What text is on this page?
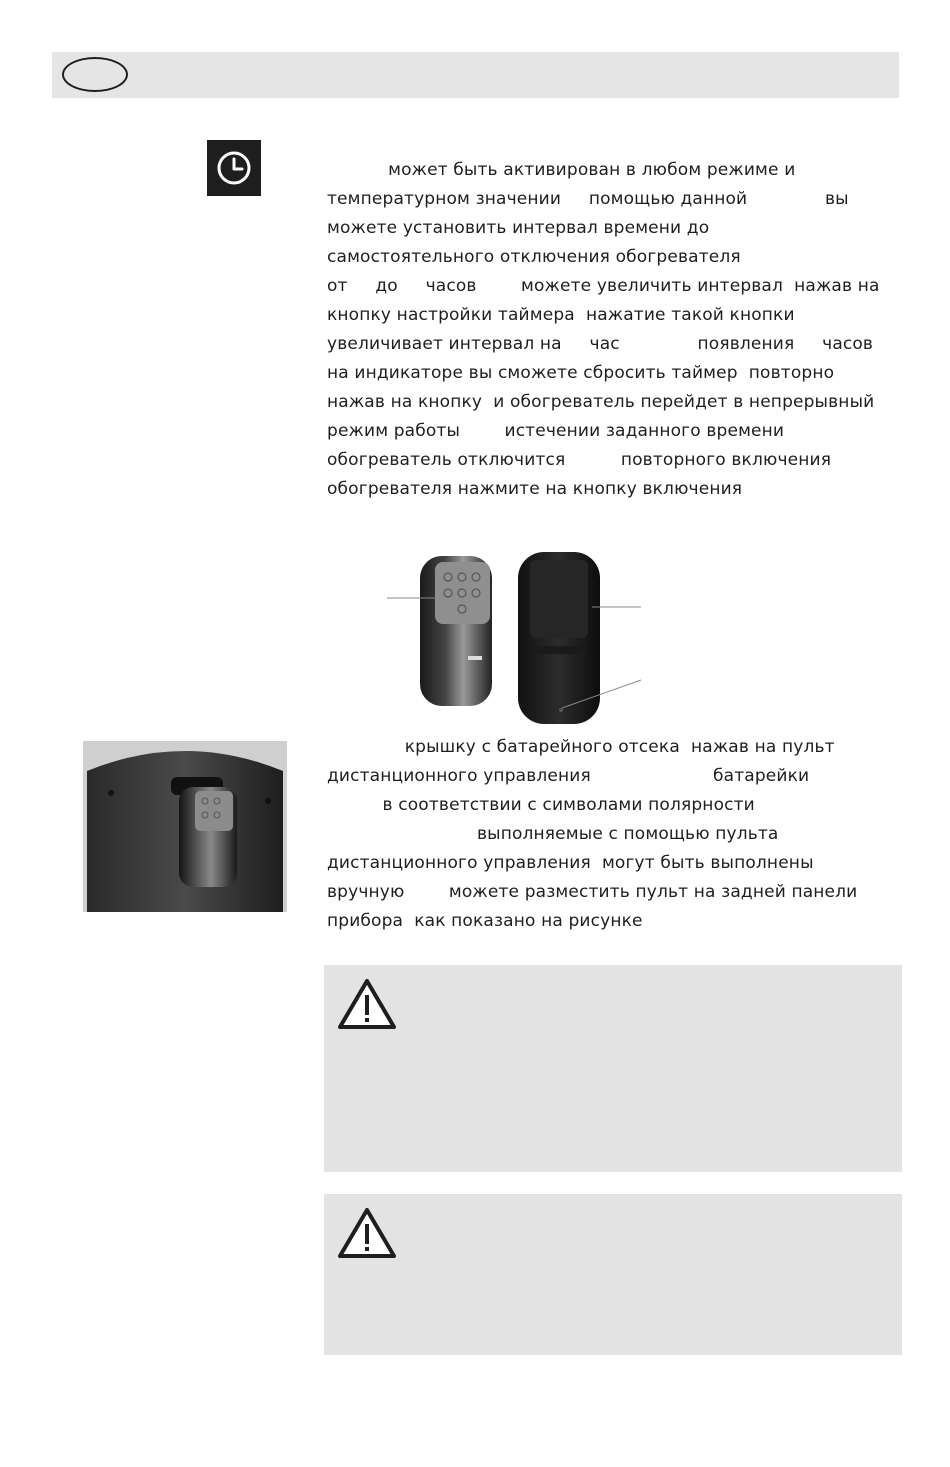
может быть активирован в любом режиме и
температурном значении     помощью данной              вы
можете установить интервал времени до
самостоятельного отключения обогревателя
от     до     часов        можете увеличить интервал  нажав на
кнопку настройки таймера  нажатие такой кнопки
увеличивает интервал на     час              появления     часов
на индикаторе вы сможете сбросить таймер  повторно
нажав на кнопку  и обогреватель перейдет в непрерывный
режим работы        истечении заданного времени
обогреватель отключится          повторного включения
обогревателя нажмите на кнопку включения
крышку с батарейного отсека  нажав на пульт
дистанционного управления                      батарейки
в соответствии с символами полярности
выполняемые с помощью пульта
дистанционного управления  могут быть выполнены
вручную        можете разместить пульт на задней панели
прибора  как показано на рисунке
